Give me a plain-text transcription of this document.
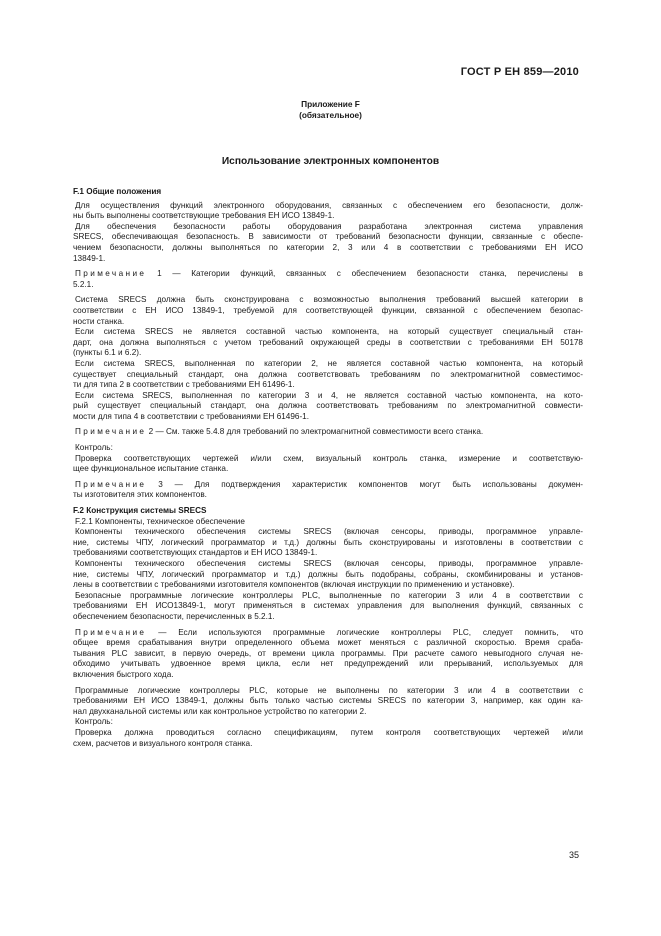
ГОСТ Р ЕН 859—2010
Приложение F
(обязательное)
Использование электронных компонентов

F.1 Общие положения

Для осуществления функций электронного оборудования, связанных с обеспечением его безопасности, долж-
ны быть выполнены соответствующие требования ЕН ИСО 13849-1.

Для обеспечения безопасности работы оборудования разработана электронная система управления
SRECS, обеспечивающая безопасность. В зависимости от требований безопасности функции, связанные с обеспе-
чением безопасности, должны выполняться по категории 2, 3 или 4 в соответствии с требованиями ЕН ИСО
13849-1.

Примечание 1 — Категории функций, связанных с обеспечением безопасности станка, перечислены в
5.2.1.

Система SRECS должна быть сконструирована с возможностью выполнения требований высшей категории в
соответствии с ЕН ИСО 13849-1, требуемой для соответствующей функции, связанной с обеспечением безопас-
ности станка.

Если система SRECS не является составной частью компонента, на который существует специальный стан-
дарт, она должна выполняться с учетом требований окружающей среды в соответствии с требованиями ЕН 50178
(пункты 6.1 и 6.2).

Если система SRECS, выполненная по категории 2, не является составной частью компонента, на который
существует специальный стандарт, она должна соответствовать требованиям по электромагнитной совместимос-
ти для типа 2 в соответствии с требованиями ЕН 61496-1.

Если система SRECS, выполненная по категории 3 и 4, не является составной частью компонента, на кото-
рый существует специальный стандарт, она должна соответствовать требованиям по электромагнитной совмести-
мости для типа 4 в соответствии с требованиями ЕН 61496-1.

Примечание 2 — См. также 5.4.8 для требований по электромагнитной совместимости всего станка.

Контроль:

Проверка соответствующих чертежей и/или схем, визуальный контроль станка, измерение и соответствую-
щее функциональное испытание станка.

Примечание 3 — Для подтверждения характеристик компонентов могут быть использованы докумен-
ты изготовителя этих компонентов.

F.2 Конструкция системы SRECS

F.2.1 Компоненты, техническое обеспечение

Компоненты технического обеспечения системы SRECS (включая сенсоры, приводы, программное управле-
ние, системы ЧПУ, логический программатор и т.д.) должны быть сконструированы и изготовлены в соответствии с
требованиями соответствующих стандартов и ЕН ИСО 13849-1.

Компоненты технического обеспечения системы SRECS (включая сенсоры, приводы, программное управле-
ние, системы ЧПУ, логический программатор и т.д.) должны быть подобраны, собраны, скомбинированы и установ-
лены в соответствии с требованиями изготовителя компонентов (включая инструкции по применению и установке).

Безопасные программные логические контроллеры PLC, выполненные по категории 3 или 4 в соответствии с
требованиями ЕН ИСО13849-1, могут применяться в системах управления для выполнения функций, связанных с
обеспечением безопасности, перечисленных в 5.2.1.

Примечание — Если используются программные логические контроллеры PLC, следует помнить, что
общее время срабатывания внутри определенного объема может меняться с различной скоростью. Время сраба-
тывания PLC зависит, в первую очередь, от времени цикла программы. При расчете самого невыгодного случая не-
обходимо учитывать удвоенное время цикла, если нет предупреждений или прерываний, используемых для
включения быстрого хода.

Программные логические контроллеры PLC, которые не выполнены по категории 3 или 4 в соответствии с
требованиями ЕН ИСО 13849-1, должны быть только частью системы SRECS по категории 3, например, как один ка-
нал двухканальной системы или как контрольное устройство по категории 2.

Контроль:

Проверка должна проводиться согласно спецификациям, путем контроля соответствующих чертежей и/или
схем, расчетов и визуального контроля станка.

35
